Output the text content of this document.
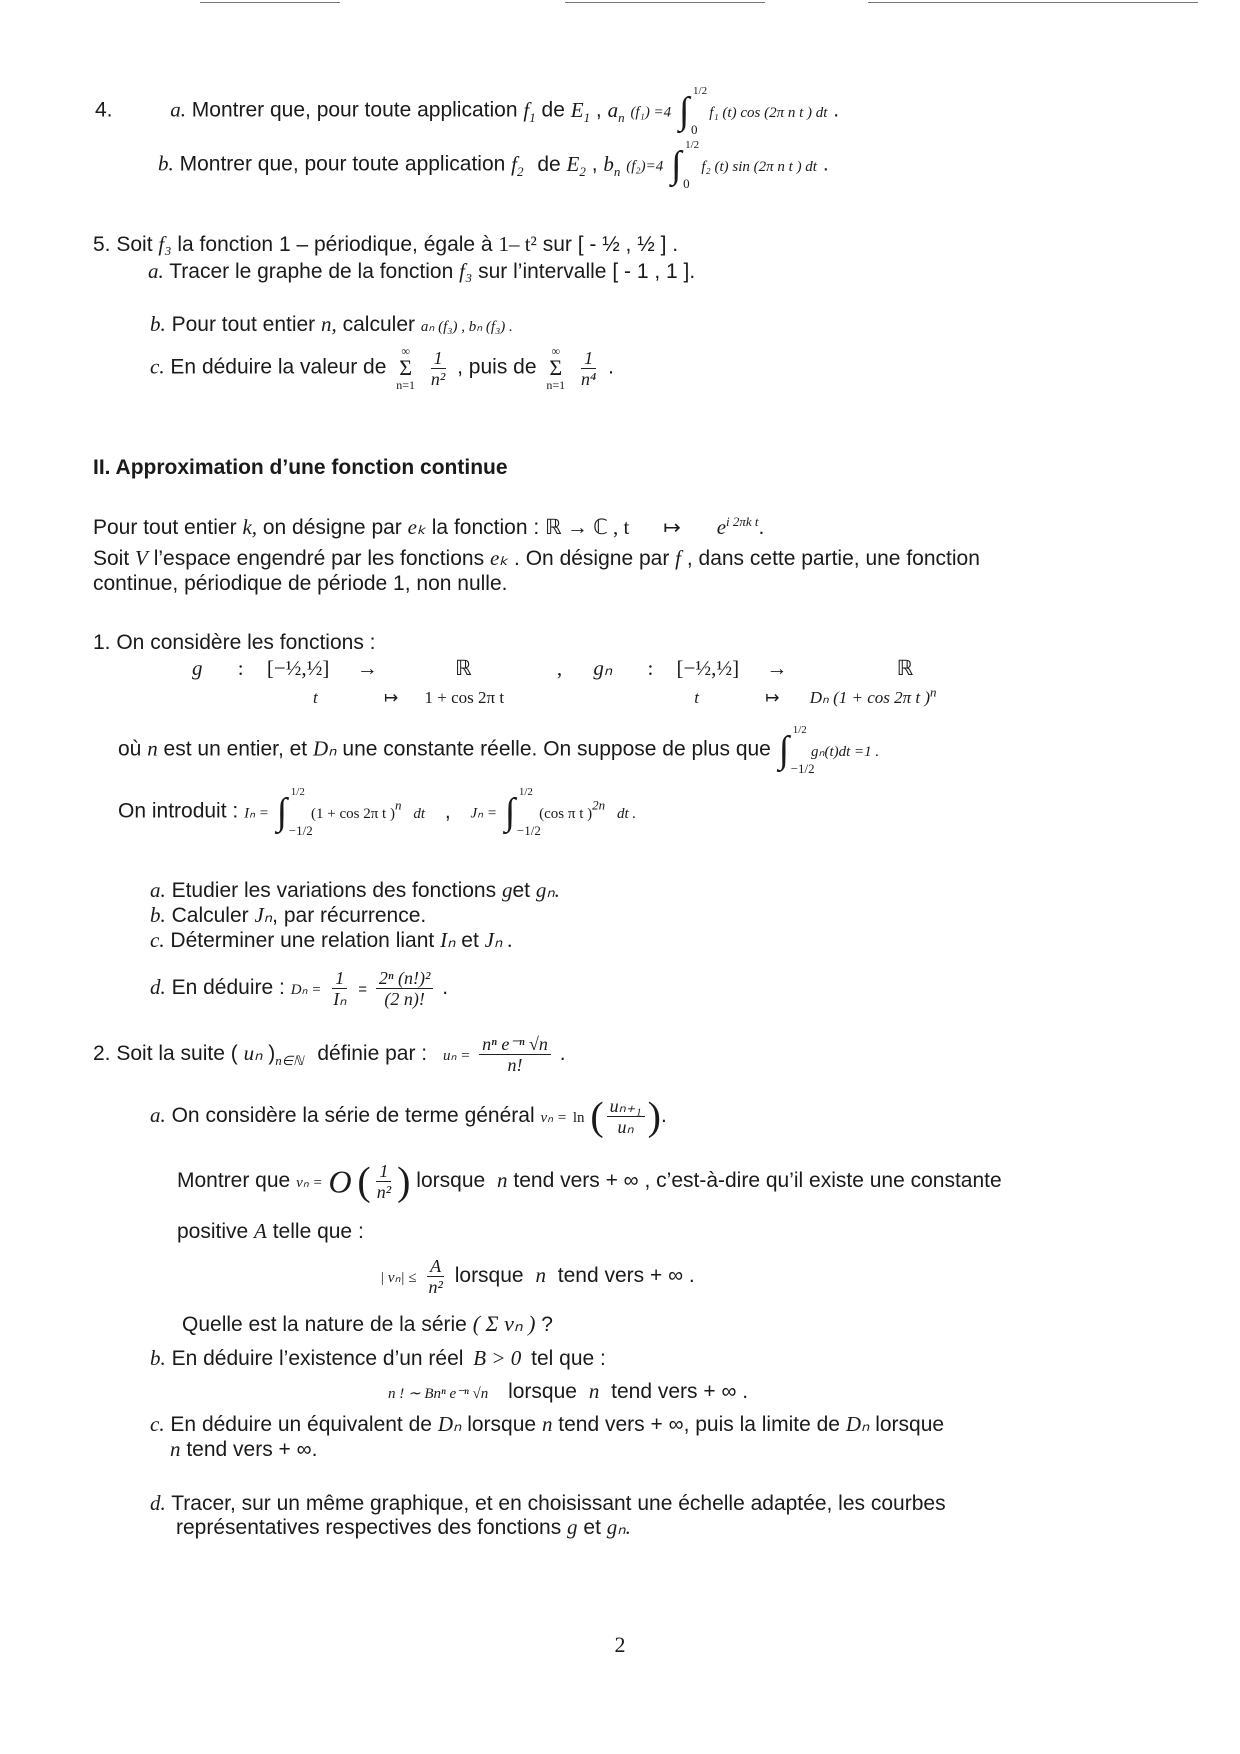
4.	a. Montrer que, pour toute application $f_1$ de $E_1$ , $a_n$ (f₁) =4 ∫ 1/2
0
f₁ (t) cos (2π n t ) dt .
b. Montrer que, pour toute application $f_2$ de $E_2$ , $b_n$ (f₂)=4 ∫ 1/2
0
f₂ (t) sin (2π n t ) dt .
5. Soit f₃ la fonction 1 – périodique, égale à 1– t² sur [ - ½ , ½ ] .
a. Tracer le graphe de la fonction f₃ sur l’intervalle [ - 1 , 1 ].
b. Pour tout entier n, calculer aₙ (f₃) , bₙ (f₃) .
c. En déduire la valeur de
∞
Σ
n=1
$\frac{1}{\text{n²}}$ , puis de
∞
Σ
n=1
$\frac{1}{\text{n⁴}}$ .
II. Approximation d’une fonction continue
Pour tout entier k, on désigne par eₖ la fonction : ℝ → ℂ , t ↦ $e^{i 2\pi k t}$.
Soit V l’espace engendré par les fonctions eₖ . On désigne par f , dans cette partie, une fonction
continue, périodique de période 1, non nulle.
1. On considère les fonctions :
g : [−½,½] →	ℝ	, gₙ : [−½,½] →	ℝ
t	↦ 1 + cos 2π t	t	↦ Dₙ (1 + cos 2π t )$^n$
où n est un entier, et Dₙ une constante réelle. On suppose de plus que ∫ 1/2
−1/2
gₙ(t)dt =1 .
On introduit : Iₙ = ∫ 1/2
−1/2
(1 + cos 2π t )$^n$ dt , Jₙ = ∫ 1/2
−1/2
(cos π t )$^{2n}$ dt .
a. Etudier les variations des fonctions get gₙ.
b. Calculer Jₙ, par récurrence.
c. Déterminer une relation liant Iₙ et Jₙ .
d. En déduire : $D_n = \frac{1}{\text{Iₙ}} = \frac{\text{2ⁿ (n!)²}}{(2 n)!}$ .
2. Soit la suite ( uₙ )$_{n\in ℕ}$ définie par : $u_n = \frac{\text{nⁿ e⁻ⁿ √n}}{n!}$ .
a. On considère la série de terme général vₙ = ln ( $\frac{\text{uₙ₊₁}}{\text{uₙ}}$ ).
Montrer que vₙ = O ( $\frac{1}{\text{n²}}$ ) lorsque n tend vers + ∞ , c’est-à-dire qu’il existe une constante
positive A telle que :
| $v_n| \le \frac{A}{\text{n²}}$ lorsque n tend vers + ∞ .
Quelle est la nature de la série ( Σ vₙ ) ?
b. En déduire l’existence d’un réel B > 0 tel que :
n ! ∼ Bnⁿ e⁻ⁿ √n lorsque n tend vers + ∞ .
c. En déduire un équivalent de Dₙ lorsque n tend vers + ∞, puis la limite de Dₙ lorsque
n tend vers + ∞.
d. Tracer, sur un même graphique, et en choisissant une échelle adaptée, les courbes
représentatives respectives des fonctions g et gₙ.
2
